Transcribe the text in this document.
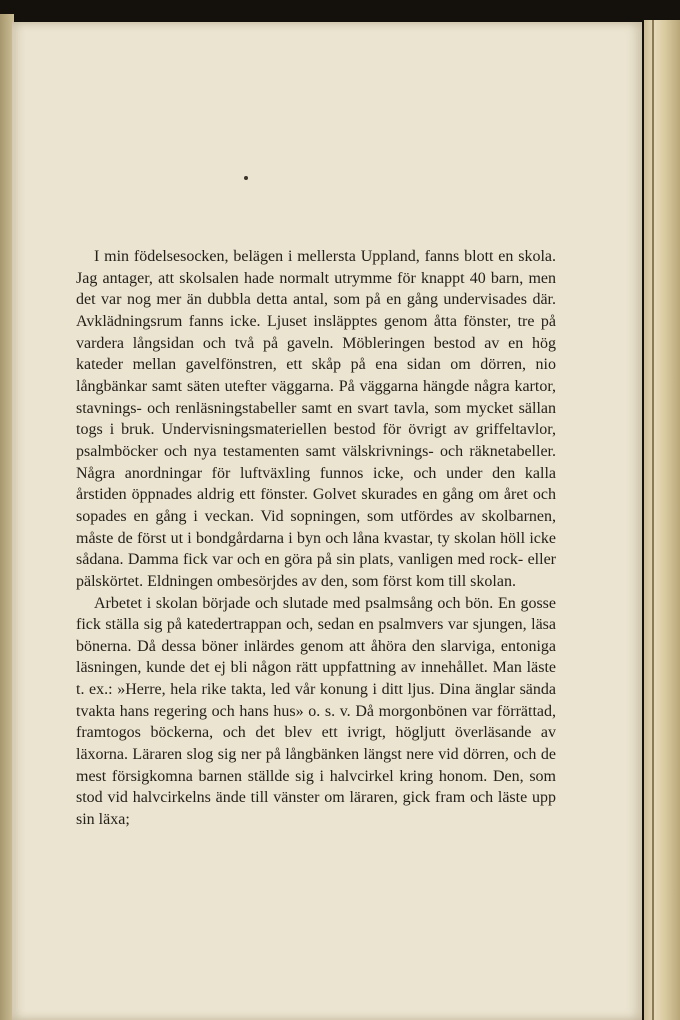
I min födelsesocken, belägen i mellersta Uppland, fanns blott en skola. Jag antager, att skolsalen hade normalt utrymme för knappt 40 barn, men det var nog mer än dubbla detta antal, som på en gång undervisades där. Avklädningsrum fanns icke. Ljuset insläpptes genom åtta fönster, tre på vardera långsidan och två på gaveln. Möbleringen bestod av en hög kateder mellan gavelfönstren, ett skåp på ena sidan om dörren, nio långbänkar samt säten utefter väggarna. På väggarna hängde några kartor, stavnings- och renläsningstabeller samt en svart tavla, som mycket sällan togs i bruk. Undervisningsmateriellen bestod för övrigt av griffeltavlor, psalmböcker och nya testamenten samt välskrivnings- och räknetabeller. Några anordningar för luftväxling funnos icke, och under den kalla årstiden öppnades aldrig ett fönster. Golvet skurades en gång om året och sopades en gång i veckan. Vid sopningen, som utfördes av skolbarnen, måste de först ut i bondgårdarna i byn och låna kvastar, ty skolan höll icke sådana. Damma fick var och en göra på sin plats, vanligen med rock- eller pälskörtet. Eldningen ombesörjdes av den, som först kom till skolan.

Arbetet i skolan började och slutade med psalmsång och bön. En gosse fick ställa sig på katedertrappan och, sedan en psalmvers var sjungen, läsa bönerna. Då dessa böner inlärdes genom att åhöra den slarviga, entoniga läsningen, kunde det ej bli någon rätt uppfattning av innehållet. Man läste t. ex.: »Herre, hela rike takta, led vår konung i ditt ljus. Dina änglar sända tvakta hans regering och hans hus» o. s. v. Då morgonbönen var förrättad, framtogos böckerna, och det blev ett ivrigt, högljutt överläsande av läxorna. Läraren slog sig ner på långbänken längst nere vid dörren, och de mest försigkomna barnen ställde sig i halvcirkel kring honom. Den, som stod vid halvcirkelns ände till vänster om läraren, gick fram och läste upp sin läxa;
